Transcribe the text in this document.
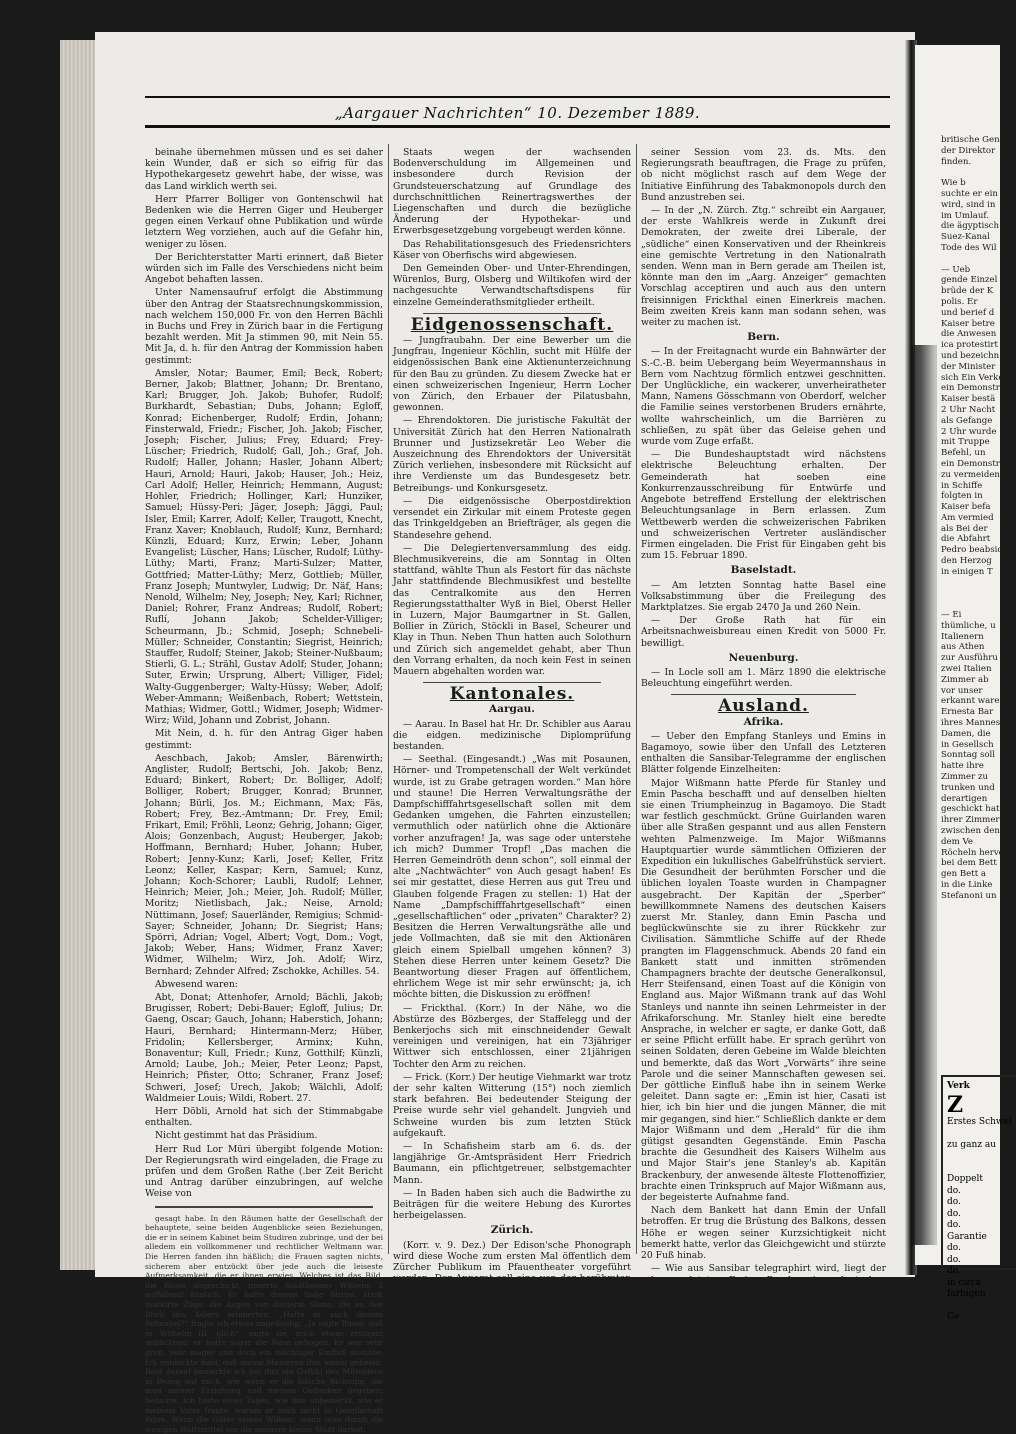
„Aargauer Nachrichten“ 10. Dezember 1889.

beinahe übernehmen müssen und es sei daher kein Wunder, daß er sich so eifrig für das Hypothekargesetz gewehrt habe, der wisse, was das Land wirklich werth sei.

Herr Pfarrer Bolliger von Gontenschwil hat Bedenken wie die Herren Giger und Heuberger gegen einen Verkauf ohne Publikation und würde letztern Weg vorziehen, auch auf die Gefahr hin, weniger zu lösen.

Der Berichterstatter Marti erinnert, daß Bieter würden sich im Falle des Verschiedens nicht beim Angebot behaften lassen.

Unter Namensaufruf erfolgt die Abstimmung über den Antrag der Staatsrechnungskommission, nach welchem 150,000 Fr. von den Herren Bächli in Buchs und Frey in Zürich baar in die Fertigung bezahlt werden. Mit Ja stimmen 90, mit Nein 55. Mit Ja, d. h. für den Antrag der Kommission haben gestimmt:

Amsler, Notar; Baumer, Emil; Beck, Robert; Berner, Jakob; Blattner, Johann; Dr. Brentano, Karl; Brugger, Joh. Jakob; Buhofer, Rudolf; Burkhardt, Sebastian; Dubs, Johann; Egloff, Konrad; Eichenberger, Rudolf; Erdin, Johann; Finsterwald, Friedr.; Fischer, Joh. Jakob; Fischer, Joseph; Fischer, Julius; Frey, Eduard; Frey-Lüscher; Friedrich, Rudolf; Gall, Joh.; Graf, Joh. Rudolf; Haller, Johann; Hasler, Johann Albert; Hauri, Arnold; Hauri, Jakob; Hauser, Joh.; Heiz, Carl Adolf; Heller, Heinrich; Hemmann, August; Hohler, Friedrich; Hollinger, Karl; Hunziker, Samuel; Hüssy-Peri; Jäger, Joseph; Jäggi, Paul; Isler, Emil; Karrer, Adolf; Keller, Traugott, Knecht, Franz Xaver; Knoblauch, Rudolf; Kunz, Bernhard; Künzli, Eduard; Kurz, Erwin; Leber, Johann Evangelist; Lüscher, Hans; Lüscher, Rudolf; Lüthy-Lüthy; Marti, Franz; Marti-Sulzer; Matter, Gottfried; Matter-Lüthy; Merz, Gottlieb; Müller, Franz Joseph; Muntwyler, Ludwig; Dr. Näf, Hans; Nenold, Wilhelm; Ney, Joseph; Ney, Karl; Richner, Daniel; Rohrer, Franz Andreas; Rudolf, Robert; Ruflí, Johann Jakob; Schelder-Villiger; Scheurmann, Jb.; Schmid, Joseph; Schnebeli-Müller; Schneider, Constantin; Siegrist, Heinrich; Stauffer, Rudolf; Steiner, Jakob; Steiner-Nußbaum; Stierli, G. L.; Strähl, Gustav Adolf; Studer, Johann; Suter, Erwin; Ursprung, Albert; Villiger, Fidel; Walty-Guggenberger; Walty-Hüssy; Weber, Adolf; Weber-Ammann; Weißenbach, Robert; Wettstein, Mathias; Widmer, Gottl.; Widmer, Joseph; Widmer-Wirz; Wild, Johann und Zobrist, Johann.

Mit Nein, d. h. für den Antrag Giger haben gestimmt:

Aeschbach, Jakob; Amsler, Bärenwirth; Anglister, Rudolf; Bertschi, Joh. Jakob; Benz, Eduard; Binkert, Robert; Dr. Bolliger, Adolf; Bolliger, Robert; Brugger, Konrad; Brunner, Johann; Bürli, Jos. M.; Eichmann, Max; Fäs, Robert; Frey, Bez.-Amtmann; Dr. Frey, Emil; Frikart, Emil; Fröhli, Leonz; Gehrig, Johann; Giger, Alois; Gonzenbach, August; Heuberger, Jakob; Hoffmann, Bernhard; Huber, Johann; Huber, Robert; Jenny-Kunz; Karli, Josef; Keller, Fritz Leonz; Keller, Kaspar; Kern, Samuel; Kunz, Johann; Koch-Schorer; Laubli, Rudolf; Lehner, Heinrich; Meier, Joh.; Meier, Joh. Rudolf; Müller, Moritz; Nietlisbach, Jak.; Neise, Arnold; Nüttimann, Josef; Sauerländer, Remigius; Schmid-Sayer; Schneider, Johann; Dr. Siegrist; Hans; Spörri, Adrian; Vogel, Albert; Vogt, Dom.; Vogt, Jakob; Weber, Hans; Widmer, Franz Xaver; Widmer, Wilhelm; Wirz, Joh. Adolf; Wirz, Bernhard; Zehnder Alfred; Zschokke, Achilles. 54.

Abwesend waren:

Abt, Donat; Attenhofer, Arnold; Bächli, Jakob; Brugisser, Robert; Debi-Bauer; Egloff, Julius; Dr. Gaeng, Oscar; Gauch, Johann; Haberstich, Johann; Hauri, Bernhard; Hintermann-Merz; Hüber, Fridolin; Kellersberger, Arminx; Kuhn, Bonaventur; Kull, Friedr.; Kunz, Gotthilf; Künzli, Arnold; Laube, Joh.; Meier, Peter Leonz; Papst, Heinrich; Pfister, Otto; Schraner, Franz Josef; Schweri, Josef; Urech, Jakob; Wälchli, Adolf; Waldmeier Louis; Wildi, Robert. 27.

Herr Döbli, Arnold hat sich der Stimmabgabe enthalten.

Nicht gestimmt hat das Präsidium.

Herr Rud Lor Müri übergibt folgende Motion: Der Regierungsrath wird eingeladen, die Frage zu prüfen und dem Großen Rathe (.ber Zeit Bericht und Antrag darüber einzubringen, auf welche Weise von

gesagt habe. In den Räumen hatte der Gesellschaft der behauptete, seine beiden Augenblicke seien Beziehungen, die er in seinem Kabinet beim Studiren zubringe, und der bei alledem ein vollkommener und rechtlicher Weltmann war. Die Herren fanden ihn häßlich; die Frauen sagten nichts, sicherem aber entzückt über jede auch die leiseste Aufmerksamkeit, die er ihnen erwies. Welches ist das Bild, die Büste abgeschickt, unserm Stadthouder Wilhelm 3 auffallend ähnlich. Er hatte dessen hohe Stirne, stark markirte Züge, die Augen von düsterm Glanz, die an den Blick des Adlers erinnerten. „Hatte er auch dessen Schnabel?“ fragte ich etwas ungeduldig. „Ja sagte Ihnen, daß er Wilhelm III. glich“, sagte sie, mich etwas erstaunt anblickend; er hatte sogar die Nase gebogen. Er war sehr groß, sehr mager und doch ein mächtiger Einfluß ausübte. Ich entdeckte bald, daß meine Manieren ihm wenig gefielen. Bald darauf bemerkte ich bei ihm ein Gefühl des Mitleidens in Bezug auf mich, wie wenn er die falsche Richtung, die man meiner Erziehung und meinen Gedanken gegeben, bedaure. Ich hörte eines Tages, wie ihm unbemerkt, wie er meinem Vater fragte, warum er mich nicht in Gesellschaft führe. Wenn die Güter seines Willens, wenn man durch die wenigen Hülfsmittel vor die meinere kleine Stadt darbot.

Staats wegen der wachsenden Bodenverschuldung im Allgemeinen und insbesondere durch Revision der Grundsteuerschatzung auf Grundlage des durchschnittlichen Reinertragswerthes der Liegenschaften und durch die bezügliche Änderung der Hypothekar- und Erwerbsgesetzgebung vorgebeugt werden könne.

Das Rehabilitationsgesuch des Friedensrichters Käser von Oberfischs wird abgewiesen.

Den Gemeinden Ober- und Unter-Ehrendingen, Würenlos, Burg, Olsberg und Wiltikofen wird der nachgesuchte Verwandtschaftsdispens für einzelne Gemeinderathsmitglieder ertheilt.

Eidgenossenschaft.

— Jungfraubahn. Der eine Bewerber um die Jungfrau, Ingenieur Köchlin, sucht mit Hülfe der eidgenössischen Bank eine Aktienunterzeichnung für den Bau zu gründen. Zu diesem Zwecke hat er einen schweizerischen Ingenieur, Herrn Locher von Zürich, den Erbauer der Pilatusbahn, gewonnen.

— Ehrendoktoren. Die juristische Fakultät der Universität Zürich hat den Herren Nationalrath Brunner und Justizsekretär Leo Weber die Auszeichnung des Ehrendoktors der Universität Zürich verliehen, insbesondere mit Rücksicht auf ihre Verdienste um das Bundesgesetz betr. Betreibungs- und Konkursgesetz.

— Die eidgenössische Oberpostdirektion versendet ein Zirkular mit einem Proteste gegen das Trinkgeldgeben an Briefträger, als gegen die Standesehre gehend.

— Die Delegiertenversammlung des eidg. Blechmusikvereins, die am Sonntag in Olten stattfand, wählte Thun als Festort für das nächste Jahr stattfindende Blechmusikfest und bestellte das Centralkomite aus den Herren Regierungsstatthalter Wyß in Biel, Oberst Heller in Luzern, Major Baumgartner in St. Gallen, Bollier in Zürich, Stöckli in Basel, Scheurer und Klay in Thun. Neben Thun hatten auch Solothurn und Zürich sich angemeldet gehabt, aber Thun den Vorrang erhalten, da noch kein Fest in seinen Mauern abgehalten worden war.

Kantonales.
Aargau.

— Aarau. In Basel hat Hr. Dr. Schibler aus Aarau die eidgen. medizinische Diplomprüfung bestanden.

— Seethal. (Eingesandt.) „Was mit Posaunen, Hörner- und Trompetenschall der Welt verkündet wurde, ist zu Grabe getragen worden.“ Man höre und staune! Die Herren Verwaltungsräthe der Dampfschifffahrtsgesellschaft sollen mit dem Gedanken umgehen, die Fahrten einzustellen; vermuthlich oder natürlich ohne die Aktionäre vorher anzufragen! Ja, was sage oder unterstehe ich mich? Dummer Tropf! „Das machen die Herren Gemeindröth denn schon“, soll einmal der alte „Nachtwächter“ von Auch gesagt haben! Es sei mir gestattet, diese Herren aus gut Treu und Glauben folgende Fragen zu stellen: 1) Hat der Name „Dampfschifffahrtgesellschaft“ einen „gesellschaftlichen“ oder „privaten“ Charakter? 2) Besitzen die Herren Verwaltungsräthe alle und jede Vollmachten, daß sie mit den Aktionären gleich einem Spielball umgehen können? 3) Stehen diese Herren unter keinem Gesetz? Die Beantwortung dieser Fragen auf öffentlichem, ehrlichem Wege ist mir sehr erwünscht; ja, ich möchte bitten, die Diskussion zu eröffnen!

— Frickthal. (Korr.) In der Nähe, wo die Abstürze des Bözberges, der Staffelegg und der Benkerjochs sich mit einschneidender Gewalt vereinigen und vereinigen, hat ein 73jähriger Wittwer sich entschlossen, einer 21jährigen Tochter den Arm zu reichen.

— Frick. (Korr.) Der heutige Viehmarkt war trotz der sehr kalten Witterung (15°) noch ziemlich stark befahren. Bei bedeutender Steigung der Preise wurde sehr viel gehandelt. Jungvieh und Schweine wurden bis zum letzten Stück aufgekauft.

— In Schafisheim starb am 6. ds. der langjährige Gr.-Amtspräsident Herr Friedrich Baumann, ein pflichtgetreuer, selbstgemachter Mann.

— In Baden haben sich auch die Badwirthe zu Beiträgen für die weitere Hebung des Kurortes herbeigelassen.

Zürich.

(Korr. v. 9. Dez.) Der Edison'sche Phonograph wird diese Woche zum ersten Mal öffentlich dem Zürcher Publikum im Pfauentheater vorgeführt werden. Der Apparat soll eine von der berühmten Sängerin Arnoldson gesungene Arie reproduziren.

Die Zürcher Arbeiterschaft macht Ernst mit der Schaffung eines kantonalen Fabrikinspektorats. Eine zahlreiche Arbeiter-Delegiertenversammlung beschloß gestern der Regierung diese Frage vorzulegen.

Die Frage der Schaffung des Tabakmonopols soll Gegenstand der Berathungen unserer obersten Behörden werden. Die Staatsrechnungs-Prüfungskommission ersucht in ihrem Berichte den Kantonsrath, er möchte in

seiner Session vom 23. ds. Mts. den Regierungsrath beauftragen, die Frage zu prüfen, ob nicht möglichst rasch auf dem Wege der Initiative Einführung des Tabakmonopols durch den Bund anzustreben sei.

— In der „N. Zürch. Ztg.“ schreibt ein Aargauer, der erste Wahlkreis werde in Zukunft drei Demokraten, der zweite drei Liberale, der „südliche“ einen Konservativen und der Rheinkreis eine gemischte Vertretung in den Nationalrath senden. Wenn man in Bern gerade am Theilen ist, könnte man den im „Aarg. Anzeiger“ gemachten Vorschlag acceptiren und auch aus den untern freisinnigen Frickthal einen Einerkreis machen. Beim zweiten Kreis kann man sodann sehen, was weiter zu machen ist.

Bern.

— In der Freitagnacht wurde ein Bahnwärter der S.-C.-B. beim Uebergang beim Weyermannshaus in Bern vom Nachtzug förmlich entzwei geschnitten. Der Unglückliche, ein wackerer, unverheiratheter Mann, Namens Gösschmann von Oberdorf, welcher die Familie seines verstorbenen Bruders ernährte, wollte wahrscheinlich, um die Barrièren zu schließen, zu spät über das Geleise gehen und wurde vom Zuge erfaßt.

— Die Bundeshauptstadt wird nächstens elektrische Beleuchtung erhalten. Der Gemeinderath hat soeben eine Konkurrenzausschreibung für Entwürfe und Angebote betreffend Erstellung der elektrischen Beleuchtungsanlage in Bern erlassen. Zum Wettbewerb werden die schweizerischen Fabriken und schweizerischen Vertreter ausländischer Firmen eingeladen. Die Frist für Eingaben geht bis zum 15. Februar 1890.

Baselstadt.

— Am letzten Sonntag hatte Basel eine Volksabstimmung über die Freilegung des Marktplatzes. Sie ergab 2470 Ja und 260 Nein.

— Der Große Rath hat für ein Arbeitsnachweisbureau einen Kredit von 5000 Fr. bewilligt.

Neuenburg.

— In Locle soll am 1. März 1890 die elektrische Beleuchtung eingeführt werden.

Ausland.
Afrika.

— Ueber den Empfang Stanleys und Emins in Bagamoyo, sowie über den Unfall des Letzteren enthalten die Sansibar-Telegramme der englischen Blätter folgende Einzelheiten:

Major Wißmann hatte Pferde für Stanley und Emin Pascha beschafft und auf denselben hielten sie einen Triumpheinzug in Bagamoyo. Die Stadt war festlich geschmückt. Grüne Guirlanden waren über alle Straßen gespannt und aus allen Fenstern wehten Palmenzweige. Im Major Wißmanns Hauptquartier wurde sämmtlichen Offizieren der Expedition ein lukullisches Gabelfrühstück serviert. Die Gesundheit der berühmten Forscher und die üblichen loyalen Toaste wurden in Champagner ausgebracht. Der Kapitän der „Sperber“ bewillkommnete Namens des deutschen Kaisers zuerst Mr. Stanley, dann Emin Pascha und beglückwünschte sie zu ihrer Rückkehr zur Civilisation. Sämmtliche Schiffe auf der Rhede prangten im Flaggenschmuck. Abends 20 fand ein Bankett statt und inmitten strömenden Champagners brachte der deutsche Generalkonsul, Herr Steifensand, einen Toast auf die Königin von England aus. Major Wißmann trank auf das Wohl Stanleys und nannte ihn seinen Lehrmeister in der Afrikaforschung. Mr. Stanley hielt eine beredte Ansprache, in welcher er sagte, er danke Gott, daß er seine Pflicht erfüllt habe. Er sprach gerührt von seinen Soldaten, deren Gebeine im Walde bleichten und bemerkte, daß das Wort „Vorwärts“ ihre seine Parole und die seiner Mannschaften gewesen sei. Der göttliche Einfluß habe ihn in seinem Werke geleitet. Dann sagte er: „Emin ist hier, Casati ist hier, ich bin hier und die jungen Männer, die mit mir gegangen, sind hier.“ Schließlich dankte er dem Major Wißmann und dem „Herald“ für die ihm gütigst gesandten Gegenstände. Emin Pascha brachte die Gesundheit des Kaisers Wilhelm aus und Major Stair's jene Stanley's ab. Kapitän Brackenbury, der anwesende älteste Flottenoffizier, brachte einen Trinkspruch auf Major Wißmann aus, der begeisterte Aufnahme fand.

Nach dem Bankett hat dann Emin der Unfall betroffen. Er trug die Brüstung des Balkons, dessen Höhe er wegen seiner Kurzsichtigkeit nicht bemerkt hatte, verlor das Gleichgewicht und stürzte 20 Fuß hinab.

— Wie aus Sansibar telegraphirt wird, liegt der schwerverletzte Emin Pascha im deutschen Krankenhause in Bagamoyo. Obwohl Dr. Parte noch immer einige Hoffnung auf seine Wiederherstellung hegt, befürchten die Ärzte der beiden Flotte das Schlimmste. Sie behaupten, daß Genesung nur in 20 Prozent von solchen Fällen stattfindet. Die englische Corvette „Turquoise“ ist in nördlicher Richtung in See gestochen, um den verschollenen Britisch-Indian-Dampfer „Arawatta“ aufzusuchen, auf welchem sich Oberst Euan Smith, der

britische Gen
der Direktor
finden.

Wie b
suchte er ein
wird, sind in
im Umlauf.
die ägyptisch
Suez-Kanal
Tode des Wil

— Ueb
gende Einzel
brüde der K
polis. Er
und berief d
Kaiser betre
die Anwesen
ica protestirt
und bezeichn
der Minister
sich Ein Verkehr
ein Demonstr
Kaiser bestä
2 Uhr Nacht
als Gefange
2 Uhr wurde
mit Truppe
Befehl, un
ein Demonstr
zu vermeiden
in Schiffe
folgten in
Kaiser befa
Am vermied
als Bei der
die Abfahrt
Pedro beabsic
den Herzog
in einigen T

— Ei
thümliche, u
Italienern
aus Athen
zur Ausführu
zwei Italien
Zimmer ab
vor unser
erkannt waren.
Ernesta Bar
ihres Mannes
Damen, die
in Gesellsch
Sonntag soll
hatte ihre
Zimmer zu
trunken und
derartigen
geschickt hat
ihrer Zimmer
zwischen den
dem Ve
Röcheln hervo
bei dem Bett
gen Bett a
in die Linke
Stefanoni un
Verk
Z
Erstes Schwei

zu ganz au

Doppelt
do.
do.
do.
do.
Garantie
do.
do.
do.
in circa
farbigen

Ce
